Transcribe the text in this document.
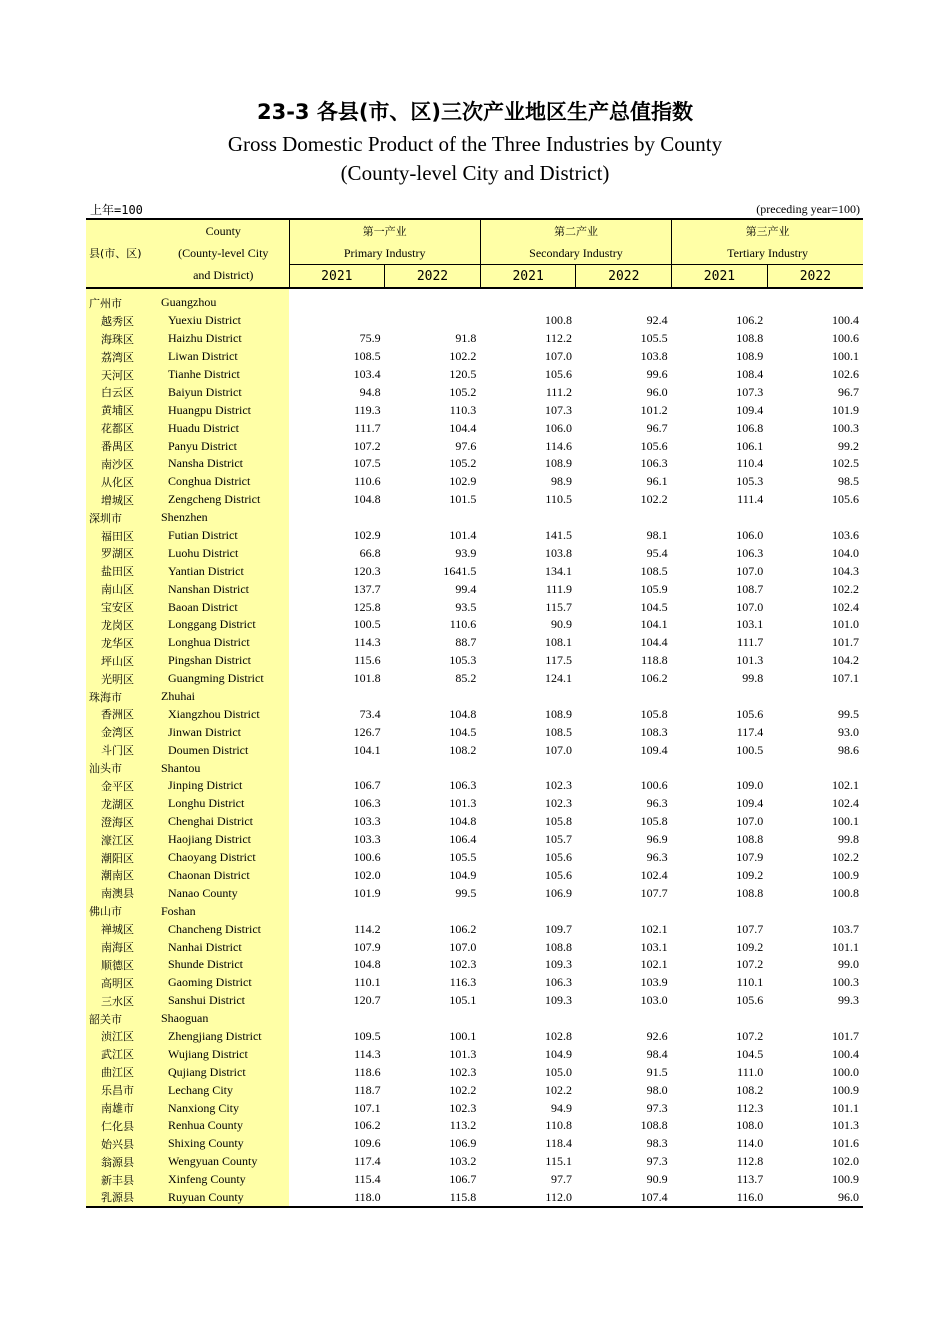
23-3 各县(市、区)三次产业地区生产总值指数
Gross Domestic Product of the Three Industries by County
(County-level City and District)
上年=100	(preceding year=100)
	County	第一产业		第二产业		第三产业	
县(市、区)	(County-level City	Primary Industry		Secondary Industry		Tertiary Industry	
	and District)	2021	2022	2021	2022	2021	2022

广州市	Guangzhou						
越秀区	Yuexiu District			100.8	92.4	106.2	100.4
海珠区	Haizhu District	75.9	91.8	112.2	105.5	108.8	100.6
荔湾区	Liwan District	108.5	102.2	107.0	103.8	108.9	100.1
天河区	Tianhe District	103.4	120.5	105.6	99.6	108.4	102.6
白云区	Baiyun District	94.8	105.2	111.2	96.0	107.3	96.7
黄埔区	Huangpu District	119.3	110.3	107.3	101.2	109.4	101.9
花都区	Huadu District	111.7	104.4	106.0	96.7	106.8	100.3
番禺区	Panyu District	107.2	97.6	114.6	105.6	106.1	99.2
南沙区	Nansha District	107.5	105.2	108.9	106.3	110.4	102.5
从化区	Conghua District	110.6	102.9	98.9	96.1	105.3	98.5
增城区	Zengcheng District	104.8	101.5	110.5	102.2	111.4	105.6
深圳市	Shenzhen						
福田区	Futian District	102.9	101.4	141.5	98.1	106.0	103.6
罗湖区	Luohu District	66.8	93.9	103.8	95.4	106.3	104.0
盐田区	Yantian District	120.3	1641.5	134.1	108.5	107.0	104.3
南山区	Nanshan District	137.7	99.4	111.9	105.9	108.7	102.2
宝安区	Baoan District	125.8	93.5	115.7	104.5	107.0	102.4
龙岗区	Longgang District	100.5	110.6	90.9	104.1	103.1	101.0
龙华区	Longhua District	114.3	88.7	108.1	104.4	111.7	101.7
坪山区	Pingshan District	115.6	105.3	117.5	118.8	101.3	104.2
光明区	Guangming District	101.8	85.2	124.1	106.2	99.8	107.1
珠海市	Zhuhai						
香洲区	Xiangzhou District	73.4	104.8	108.9	105.8	105.6	99.5
金湾区	Jinwan District	126.7	104.5	108.5	108.3	117.4	93.0
斗门区	Doumen District	104.1	108.2	107.0	109.4	100.5	98.6
汕头市	Shantou						
金平区	Jinping District	106.7	106.3	102.3	100.6	109.0	102.1
龙湖区	Longhu District	106.3	101.3	102.3	96.3	109.4	102.4
澄海区	Chenghai District	103.3	104.8	105.8	105.8	107.0	100.1
濠江区	Haojiang District	103.3	106.4	105.7	96.9	108.8	99.8
潮阳区	Chaoyang District	100.6	105.5	105.6	96.3	107.9	102.2
潮南区	Chaonan District	102.0	104.9	105.6	102.4	109.2	100.9
南澳县	Nanao County	101.9	99.5	106.9	107.7	108.8	100.8
佛山市	Foshan						
禅城区	Chancheng District	114.2	106.2	109.7	102.1	107.7	103.7
南海区	Nanhai District	107.9	107.0	108.8	103.1	109.2	101.1
顺德区	Shunde District	104.8	102.3	109.3	102.1	107.2	99.0
高明区	Gaoming District	110.1	116.3	106.3	103.9	110.1	100.3
三水区	Sanshui District	120.7	105.1	109.3	103.0	105.6	99.3
韶关市	Shaoguan						
浈江区	Zhengjiang District	109.5	100.1	102.8	92.6	107.2	101.7
武江区	Wujiang District	114.3	101.3	104.9	98.4	104.5	100.4
曲江区	Qujiang District	118.6	102.3	105.0	91.5	111.0	100.0
乐昌市	Lechang City	118.7	102.2	102.2	98.0	108.2	100.9
南雄市	Nanxiong City	107.1	102.3	94.9	97.3	112.3	101.1
仁化县	Renhua County	106.2	113.2	110.8	108.8	108.0	101.3
始兴县	Shixing County	109.6	106.9	118.4	98.3	114.0	101.6
翁源县	Wengyuan County	117.4	103.2	115.1	97.3	112.8	102.0
新丰县	Xinfeng County	115.4	106.7	97.7	90.9	113.7	100.9
乳源县	Ruyuan County	118.0	115.8	112.0	107.4	116.0	96.0
